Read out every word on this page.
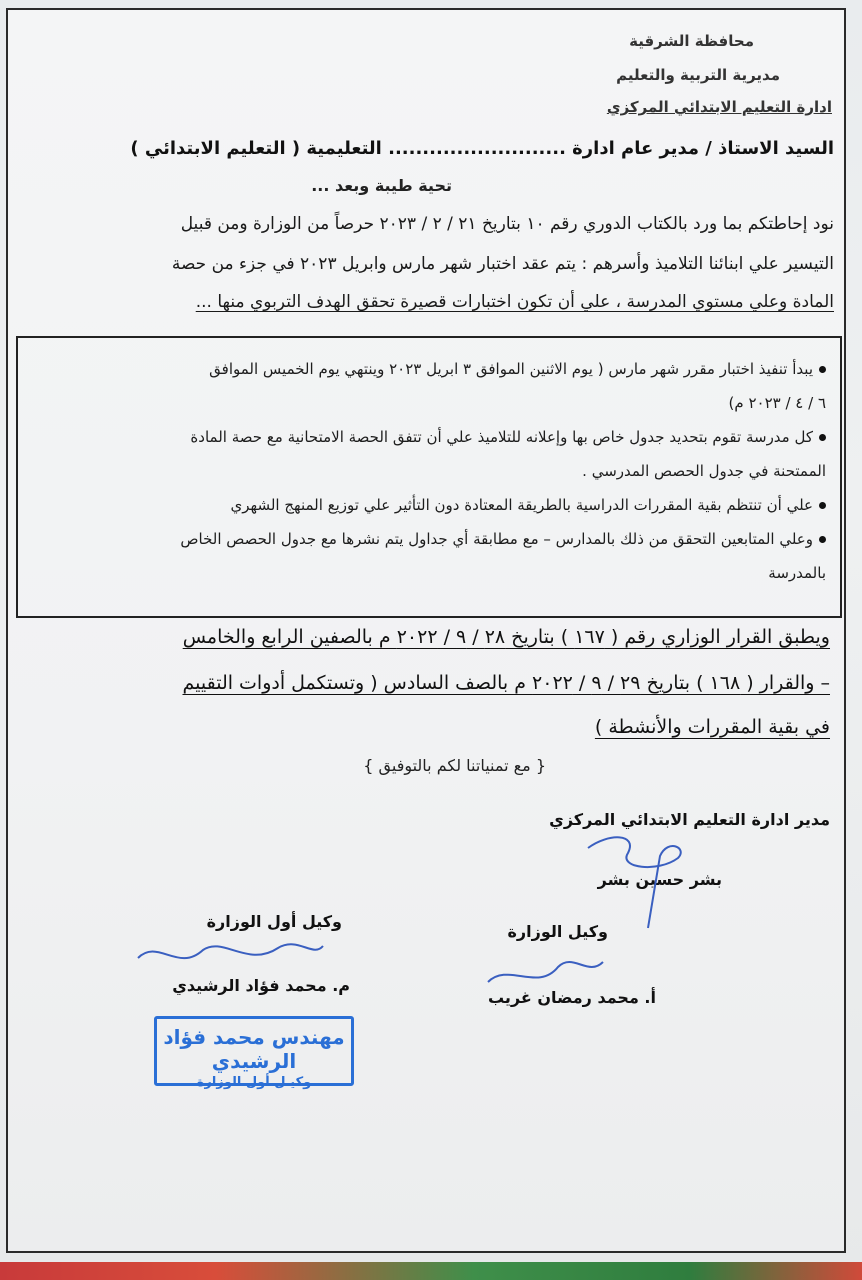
محافظة الشرقية
مديرية التربية والتعليم
ادارة التعليم الابتدائي المركزي
السيد الاستاذ / مدير عام ادارة .......................... التعليمية ( التعليم الابتدائي )
تحية طيبة وبعد ...
نود إحاطتكم بما ورد بالكتاب الدوري رقم ١٠ بتاريخ ٢١ / ٢ / ٢٠٢٣ حرصاً من الوزارة ومن قبيل
التيسير علي ابنائنا التلاميذ وأسرهم : يتم عقد اختبار شهر مارس وابريل ٢٠٢٣ في جزء من حصة
المادة وعلي مستوي المدرسة ، علي أن تكون اختبارات قصيرة تحقق الهدف التربوي منها ...
يبدأ تنفيذ اختبار مقرر شهر مارس ( يوم الاثنين الموافق ٣ ابريل ٢٠٢٣ وينتهي يوم الخميس الموافق
٦ / ٤ / ٢٠٢٣ م)
كل مدرسة تقوم بتحديد جدول خاص بها وإعلانه للتلاميذ علي أن تتفق الحصة الامتحانية مع حصة المادة
الممتحنة في جدول الحصص المدرسي .
علي أن تنتظم بقية المقررات الدراسية بالطريقة المعتادة دون التأثير علي توزيع المنهج الشهري
وعلي المتابعين التحقق من ذلك بالمدارس – مع مطابقة أي جداول يتم نشرها مع جدول الحصص الخاص
بالمدرسة
ويطبق القرار الوزاري رقم ( ١٦٧ ) بتاريخ ٢٨ / ٩ / ٢٠٢٢ م بالصفين الرابع والخامس
– والقرار ( ١٦٨ ) بتاريخ ٢٩ / ٩ / ٢٠٢٢ م بالصف السادس ( وتستكمل أدوات التقييم
في بقية المقررات والأنشطة )
{ مع تمنياتنا لكم بالتوفيق }
مدير ادارة التعليم الابتدائي المركزي
بشر حسين بشر
وكيل الوزارة
أ. محمد رمضان غريب
وكيل أول الوزارة
م. محمد فؤاد الرشيدي
مهندس محمد فؤاد الرشيدي
وكيـل أول الوزارة
